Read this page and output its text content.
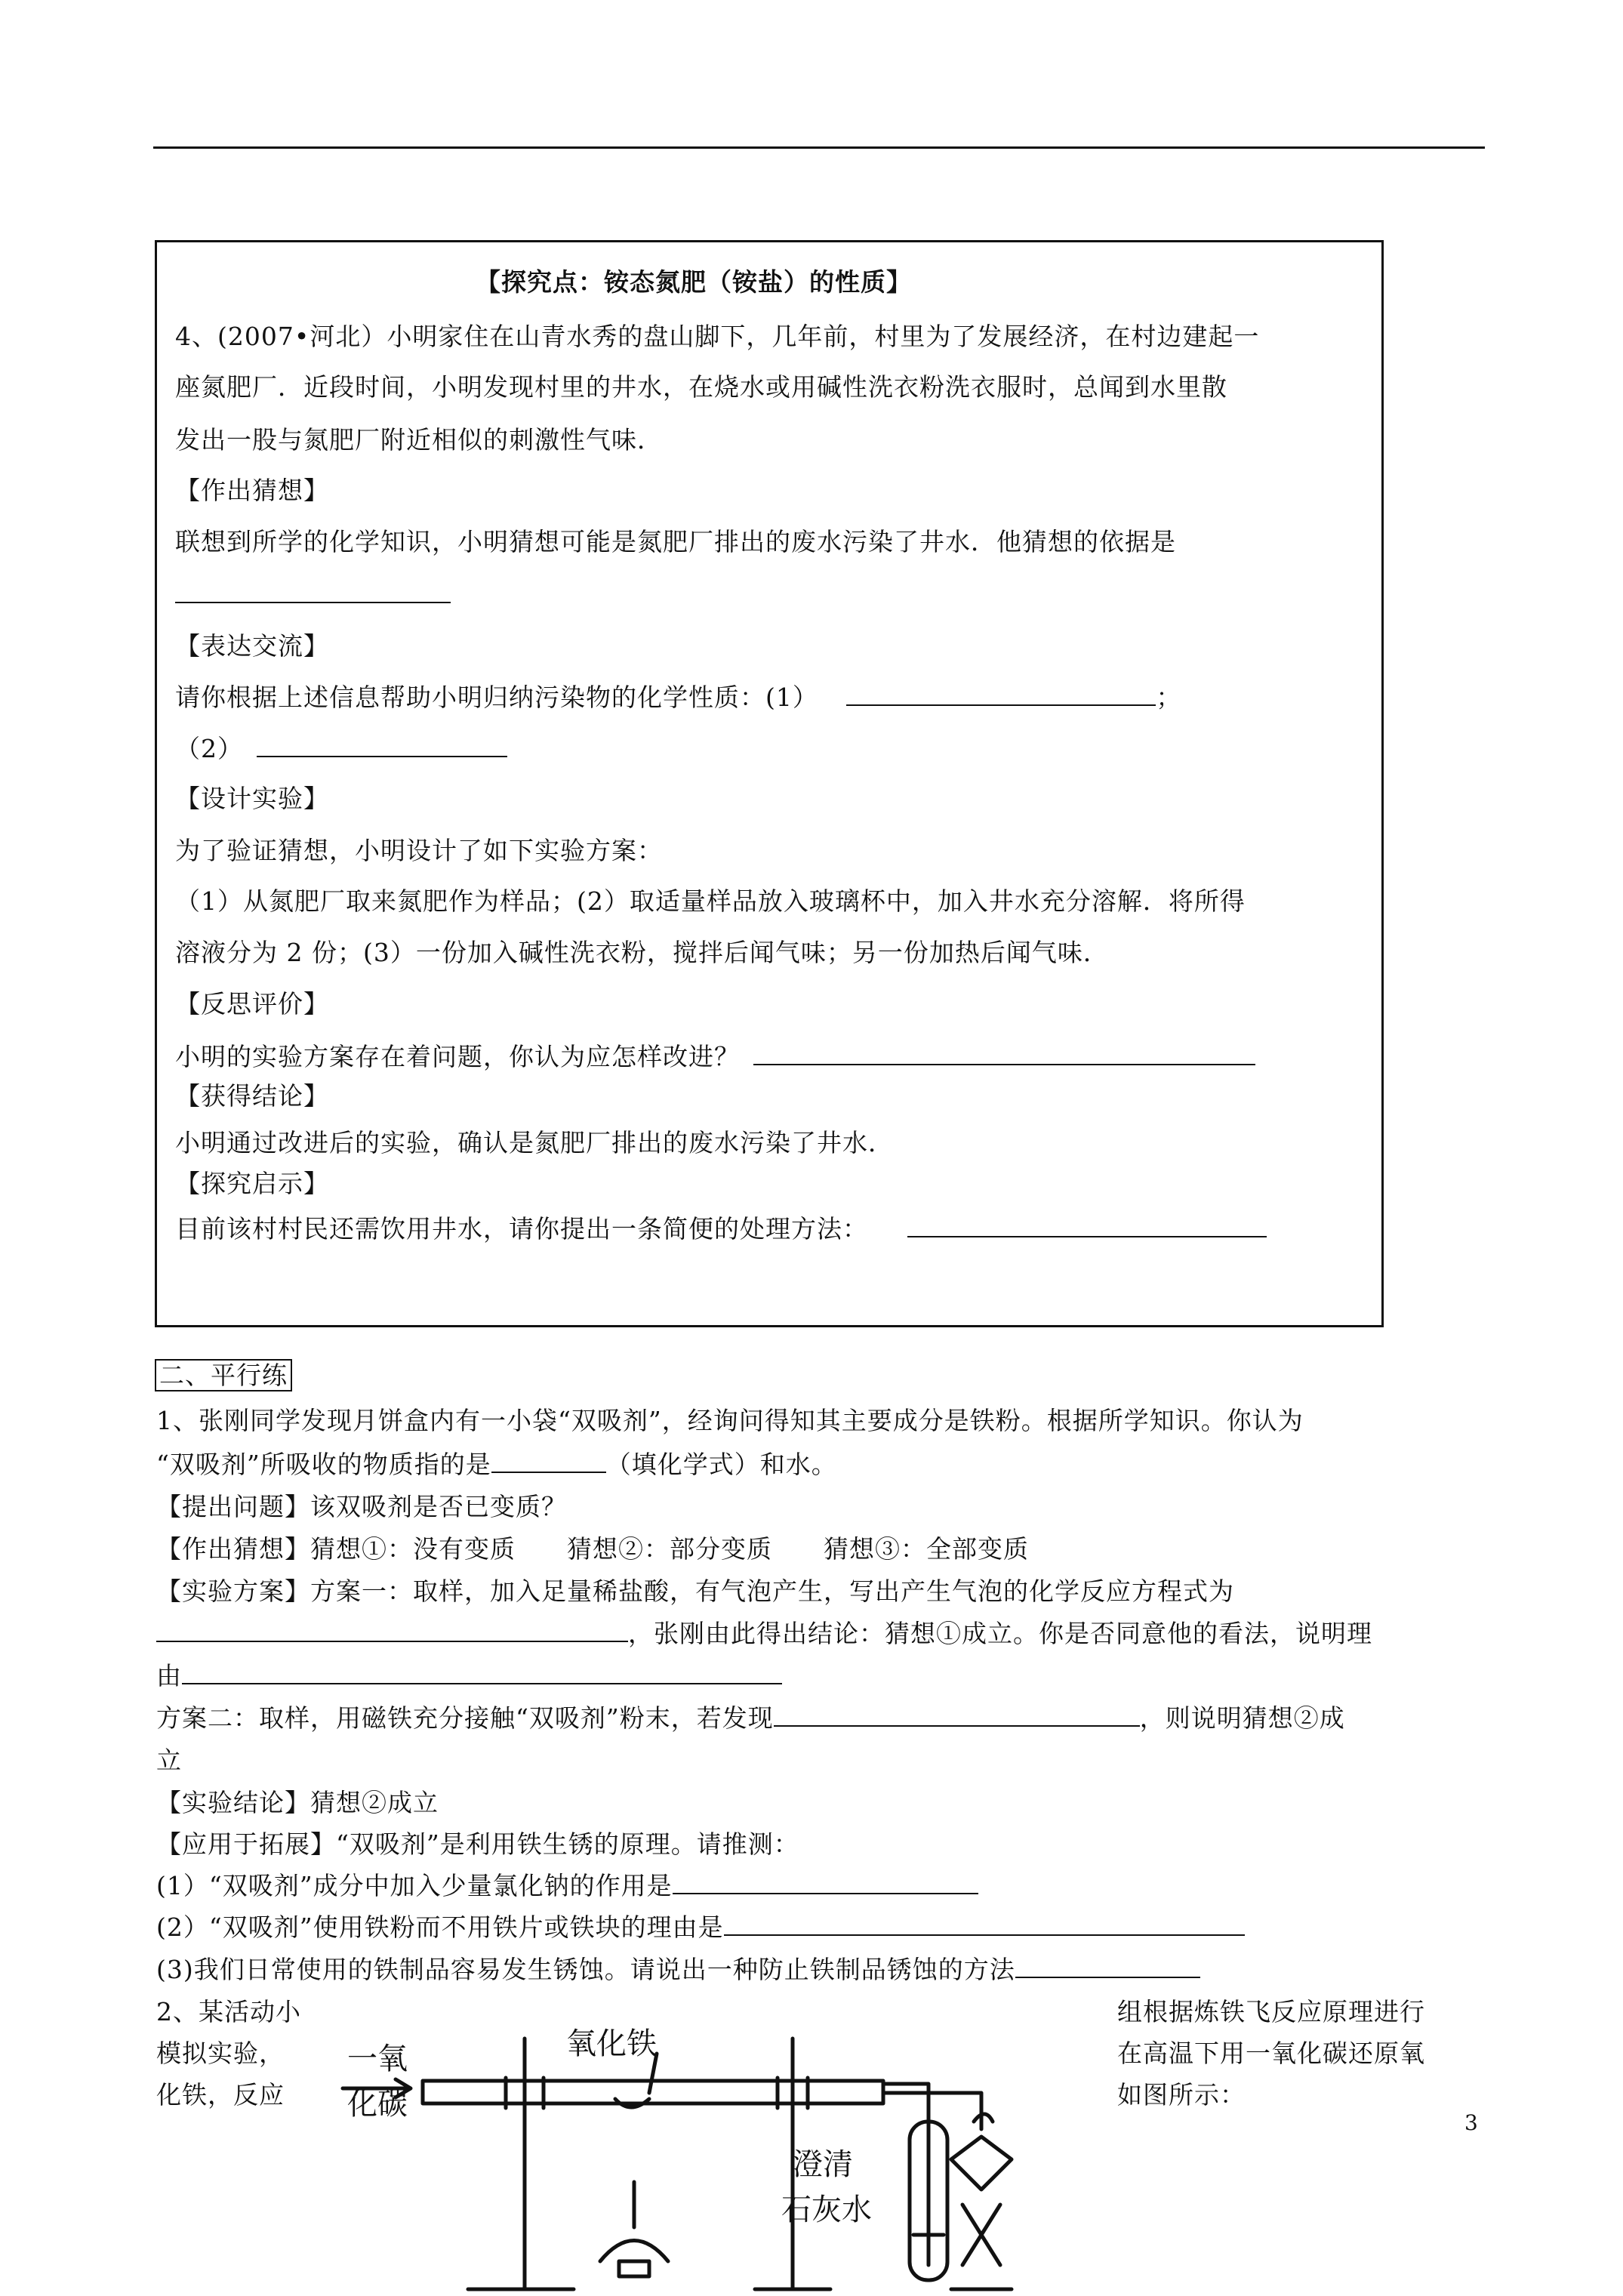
【探究点：铵态氮肥（铵盐）的性质】
4、(2007•河北）小明家住在山青水秀的盘山脚下，几年前，村里为了发展经济，在村边建起一
座氮肥厂．近段时间，小明发现村里的井水，在烧水或用碱性洗衣粉洗衣服时，总闻到水里散
发出一股与氮肥厂附近相似的刺激性气味．
【作出猜想】
联想到所学的化学知识，小明猜想可能是氮肥厂排出的废水污染了井水．他猜想的依据是
【表达交流】
请你根据上述信息帮助小明归纳污染物的化学性质：(1）	；
（2）
【设计实验】
为了验证猜想，小明设计了如下实验方案：
（1）从氮肥厂取来氮肥作为样品；(2）取适量样品放入玻璃杯中，加入井水充分溶解．将所得
溶液分为 2 份；(3）一份加入碱性洗衣粉，搅拌后闻气味；另一份加热后闻气味．
【反思评价】
小明的实验方案存在着问题，你认为应怎样改进？
【获得结论】
小明通过改进后的实验，确认是氮肥厂排出的废水污染了井水．
【探究启示】
目前该村村民还需饮用井水，请你提出一条简便的处理方法：
二、平行练
1、张刚同学发现月饼盒内有一小袋“双吸剂”，经询问得知其主要成分是铁粉。根据所学知识。你认为
“双吸剂”所吸收的物质指的是	（填化学式）和水。
【提出问题】该双吸剂是否已变质？
【作出猜想】猜想①：没有变质　　猜想②：部分变质　　猜想③：全部变质
【实验方案】方案一：取样，加入足量稀盐酸，有气泡产生，写出产生气泡的化学反应方程式为
，张刚由此得出结论：猜想①成立。你是否同意他的看法，说明理
由
方案二：取样，用磁铁充分接触“双吸剂”粉末，若发现	，则说明猜想②成
立
【实验结论】猜想②成立
【应用于拓展】“双吸剂”是利用铁生锈的原理。请推测：
(1）“双吸剂”成分中加入少量氯化钠的作用是
(2）“双吸剂”使用铁粉而不用铁片或铁块的理由是
(3)我们日常使用的铁制品容易发生锈蚀。请说出一种防止铁制品锈蚀的方法
2、某活动小	组根据炼铁飞反应原理进行
模拟实验，	在高温下用一氧化碳还原氧
化铁，反应	如图所示：
一氧
化碳
氧化铁
澄清
石灰水
3
